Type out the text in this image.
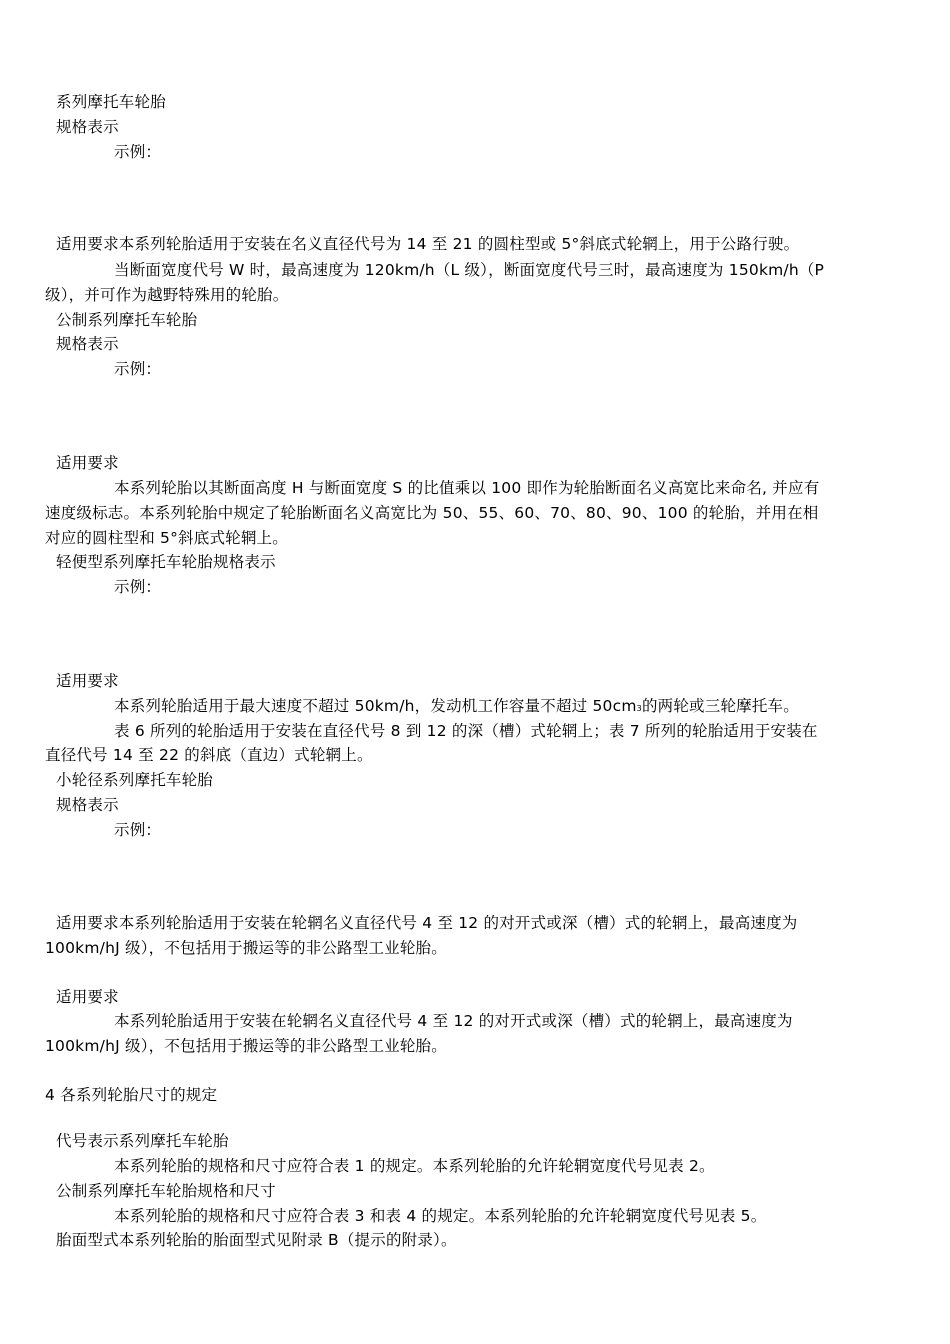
系列摩托车轮胎
规格表示
示例：
适用要求本系列轮胎适用于安装在名义直径代号为 14 至 21 的圆柱型或 5°斜底式轮辋上，用于公路行驶。
当断面宽度代号 W 时，最高速度为 120km/h（L 级），断面宽度代号三时，最高速度为 150km/h（P
级），并可作为越野特殊用的轮胎。
公制系列摩托车轮胎
规格表示
示例：
适用要求
本系列轮胎以其断面高度 H 与断面宽度 S 的比值乘以 100 即作为轮胎断面名义高宽比来命名, 并应有
速度级标志。本系列轮胎中规定了轮胎断面名义高宽比为 50、55、60、70、80、90、100 的轮胎，并用在相
对应的圆柱型和 5°斜底式轮辋上。
轻便型系列摩托车轮胎规格表示
示例：
适用要求
本系列轮胎适用于最大速度不超过 50km/h，发动机工作容量不超过 50cm3的两轮或三轮摩托车。
表 6 所列的轮胎适用于安装在直径代号 8 到 12 的深（槽）式轮辋上；表 7 所列的轮胎适用于安装在
直径代号 14 至 22 的斜底（直边）式轮辋上。
小轮径系列摩托车轮胎
规格表示
示例：
适用要求本系列轮胎适用于安装在轮辋名义直径代号 4 至 12 的对开式或深（槽）式的轮辋上，最高速度为
100km/hJ 级），不包括用于搬运等的非公路型工业轮胎。
适用要求
本系列轮胎适用于安装在轮辋名义直径代号 4 至 12 的对开式或深（槽）式的轮辋上，最高速度为
100km/hJ 级），不包括用于搬运等的非公路型工业轮胎。
4 各系列轮胎尺寸的规定
代号表示系列摩托车轮胎
本系列轮胎的规格和尺寸应符合表 1 的规定。本系列轮胎的允许轮辋宽度代号见表 2。
公制系列摩托车轮胎规格和尺寸
本系列轮胎的规格和尺寸应符合表 3 和表 4 的规定。本系列轮胎的允许轮辋宽度代号见表 5。
胎面型式本系列轮胎的胎面型式见附录 B（提示的附录）。
